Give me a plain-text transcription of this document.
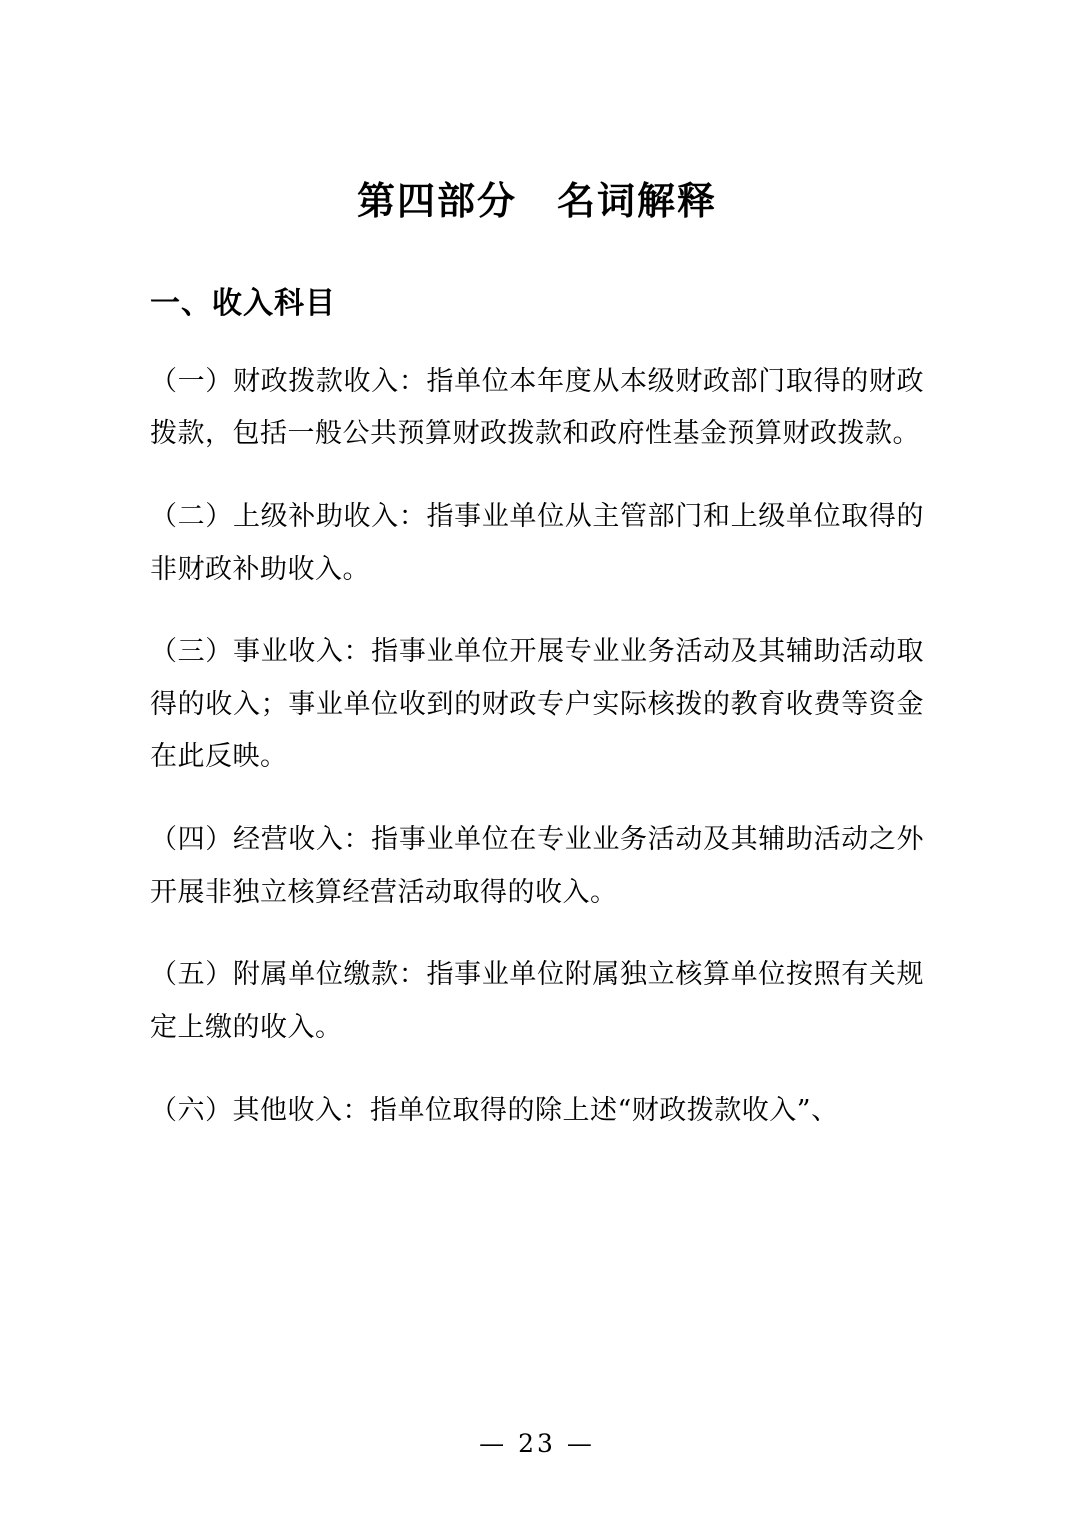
第四部分　名词解释
一、收入科目

（一）财政拨款收入：指单位本年度从本级财政部门取得的财政拨款，包括一般公共预算财政拨款和政府性基金预算财政拨款。

（二）上级补助收入：指事业单位从主管部门和上级单位取得的非财政补助收入。

（三）事业收入：指事业单位开展专业业务活动及其辅助活动取得的收入；事业单位收到的财政专户实际核拨的教育收费等资金在此反映。

（四）经营收入：指事业单位在专业业务活动及其辅助活动之外开展非独立核算经营活动取得的收入。

（五）附属单位缴款：指事业单位附属独立核算单位按照有关规定上缴的收入。

（六）其他收入：指单位取得的除上述“财政拨款收入”、

— 23 —
